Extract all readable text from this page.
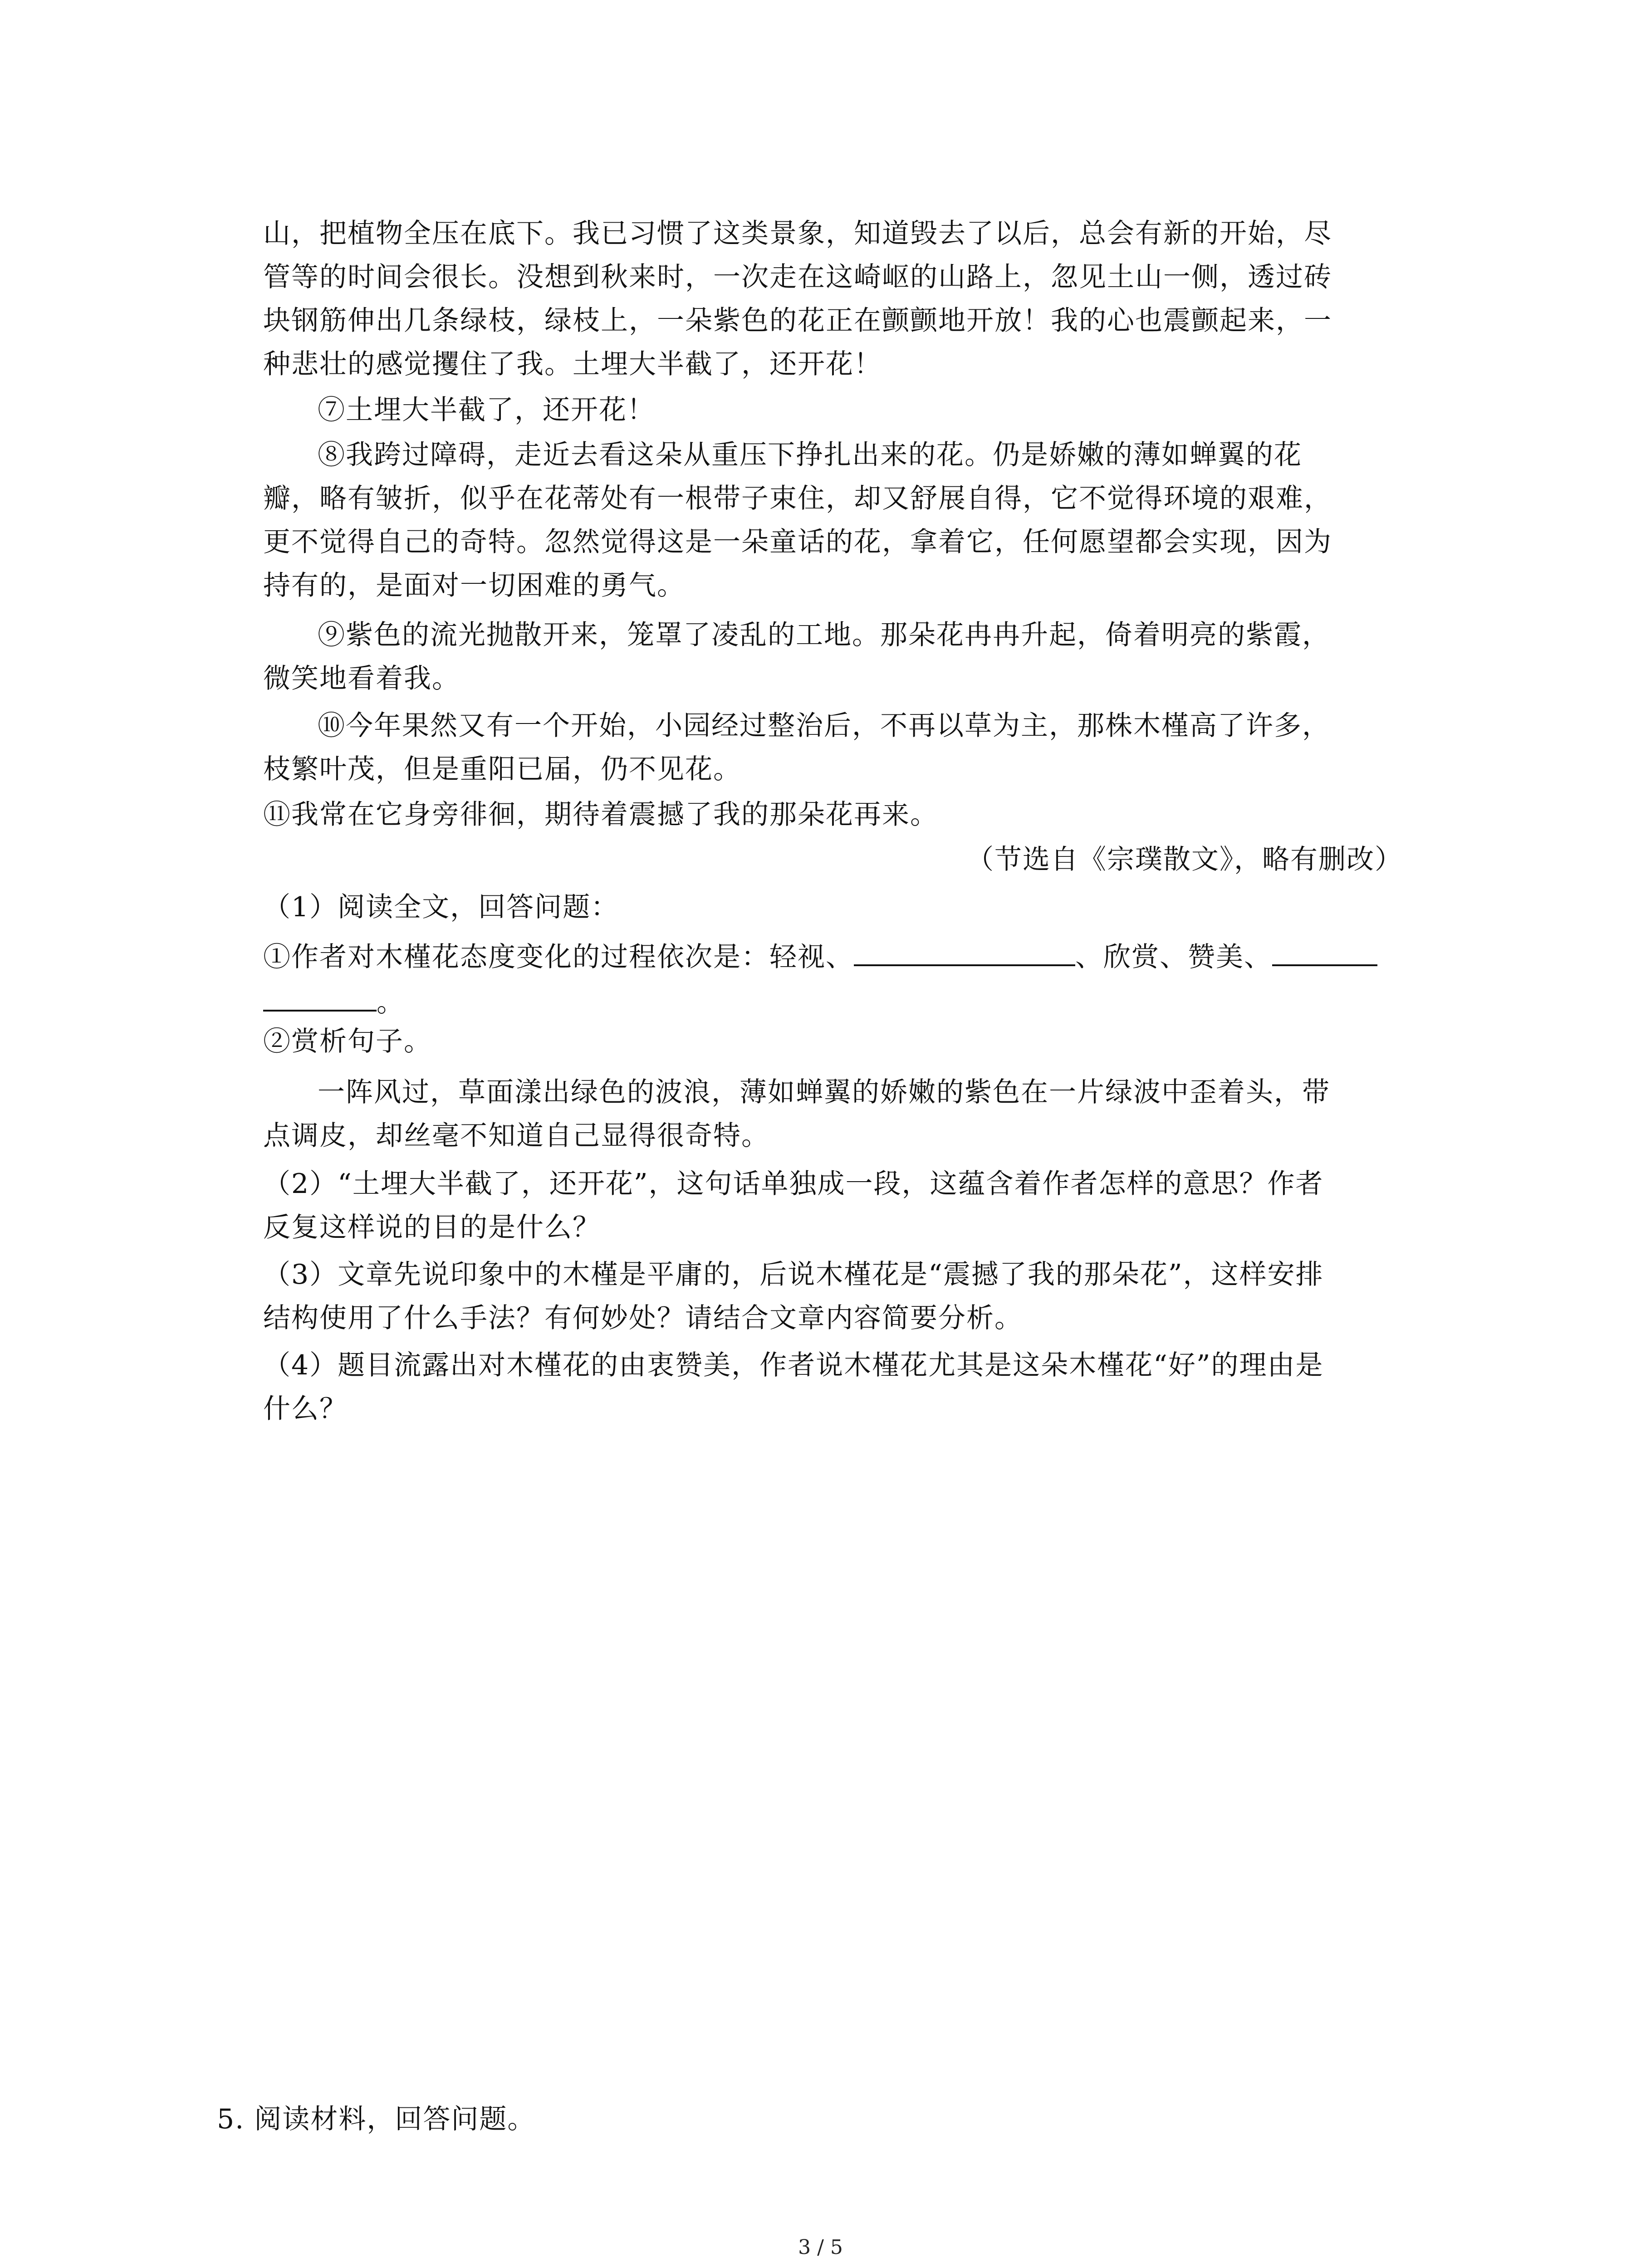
山，把植物全压在底下。我已习惯了这类景象，知道毁去了以后，总会有新的开始，尽
管等的时间会很长。没想到秋来时，一次走在这崎岖的山路上，忽见土山一侧，透过砖
块钢筋伸出几条绿枝，绿枝上，一朵紫色的花正在颤颤地开放！我的心也震颤起来，一
种悲壮的感觉攫住了我。土埋大半截了，还开花！
⑦土埋大半截了，还开花！
⑧我跨过障碍，走近去看这朵从重压下挣扎出来的花。仍是娇嫩的薄如蝉翼的花
瓣，略有皱折，似乎在花蒂处有一根带子束住，却又舒展自得，它不觉得环境的艰难，
更不觉得自己的奇特。忽然觉得这是一朵童话的花，拿着它，任何愿望都会实现，因为
持有的，是面对一切困难的勇气。
⑨紫色的流光抛散开来，笼罩了凌乱的工地。那朵花冉冉升起，倚着明亮的紫霞，
微笑地看着我。
⑩今年果然又有一个开始，小园经过整治后，不再以草为主，那株木槿高了许多，
枝繁叶茂，但是重阳已届，仍不见花。
⑪我常在它身旁徘徊，期待着震撼了我的那朵花再来。
（节选自《宗璞散文》，略有删改）
（1）阅读全文，回答问题：
①作者对木槿花态度变化的过程依次是：轻视、	、欣赏、赞美、
。
②赏析句子。
一阵风过，草面漾出绿色的波浪，薄如蝉翼的娇嫩的紫色在一片绿波中歪着头，带
点调皮，却丝毫不知道自己显得很奇特。
（2）“土埋大半截了，还开花”，这句话单独成一段，这蕴含着作者怎样的意思？作者
反复这样说的目的是什么？
（3）文章先说印象中的木槿是平庸的，后说木槿花是“震撼了我的那朵花”，这样安排
结构使用了什么手法？有何妙处？请结合文章内容简要分析。
（4）题目流露出对木槿花的由衷赞美，作者说木槿花尤其是这朵木槿花“好”的理由是
什么？
5. 阅读材料，回答问题。
3 / 5
